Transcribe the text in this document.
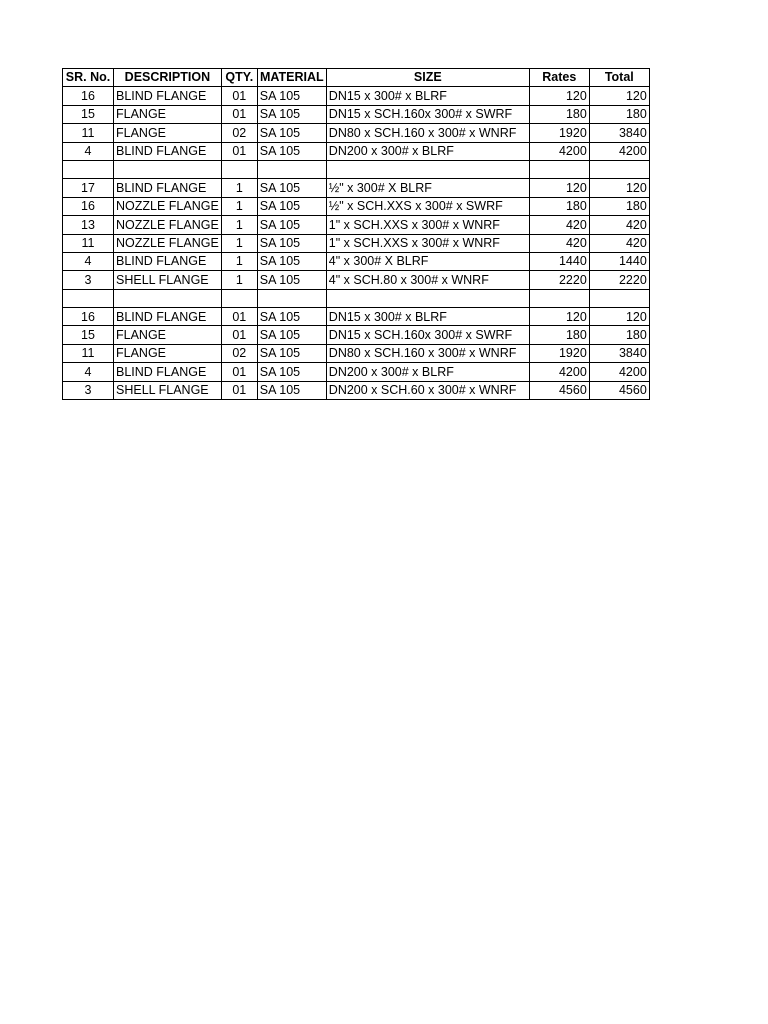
SR. No.	DESCRIPTION	QTY.	MATERIAL	SIZE	Rates	Total
16	BLIND FLANGE	01	SA 105	DN15 x 300# x BLRF	120	120
15	FLANGE	01	SA 105	DN15 x SCH.160x 300# x SWRF	180	180
11	FLANGE	02	SA 105	DN80 x SCH.160 x 300# x WNRF	1920	3840
4	BLIND FLANGE	01	SA 105	DN200 x 300# x BLRF	4200	4200

17	BLIND FLANGE	1	SA 105	½" x 300# X BLRF	120	120
16	NOZZLE FLANGE	1	SA 105	½" x SCH.XXS x 300# x SWRF	180	180
13	NOZZLE FLANGE	1	SA 105	1" x SCH.XXS x 300# x WNRF	420	420
11	NOZZLE FLANGE	1	SA 105	1" x SCH.XXS x 300# x WNRF	420	420
4	BLIND FLANGE	1	SA 105	4" x 300# X BLRF	1440	1440
3	SHELL FLANGE	1	SA 105	4" x SCH.80 x 300# x WNRF	2220	2220

16	BLIND FLANGE	01	SA 105	DN15 x 300# x BLRF	120	120
15	FLANGE	01	SA 105	DN15 x SCH.160x 300# x SWRF	180	180
11	FLANGE	02	SA 105	DN80 x SCH.160 x 300# x WNRF	1920	3840
4	BLIND FLANGE	01	SA 105	DN200 x 300# x BLRF	4200	4200
3	SHELL FLANGE	01	SA 105	DN200 x SCH.60 x 300# x WNRF	4560	4560
